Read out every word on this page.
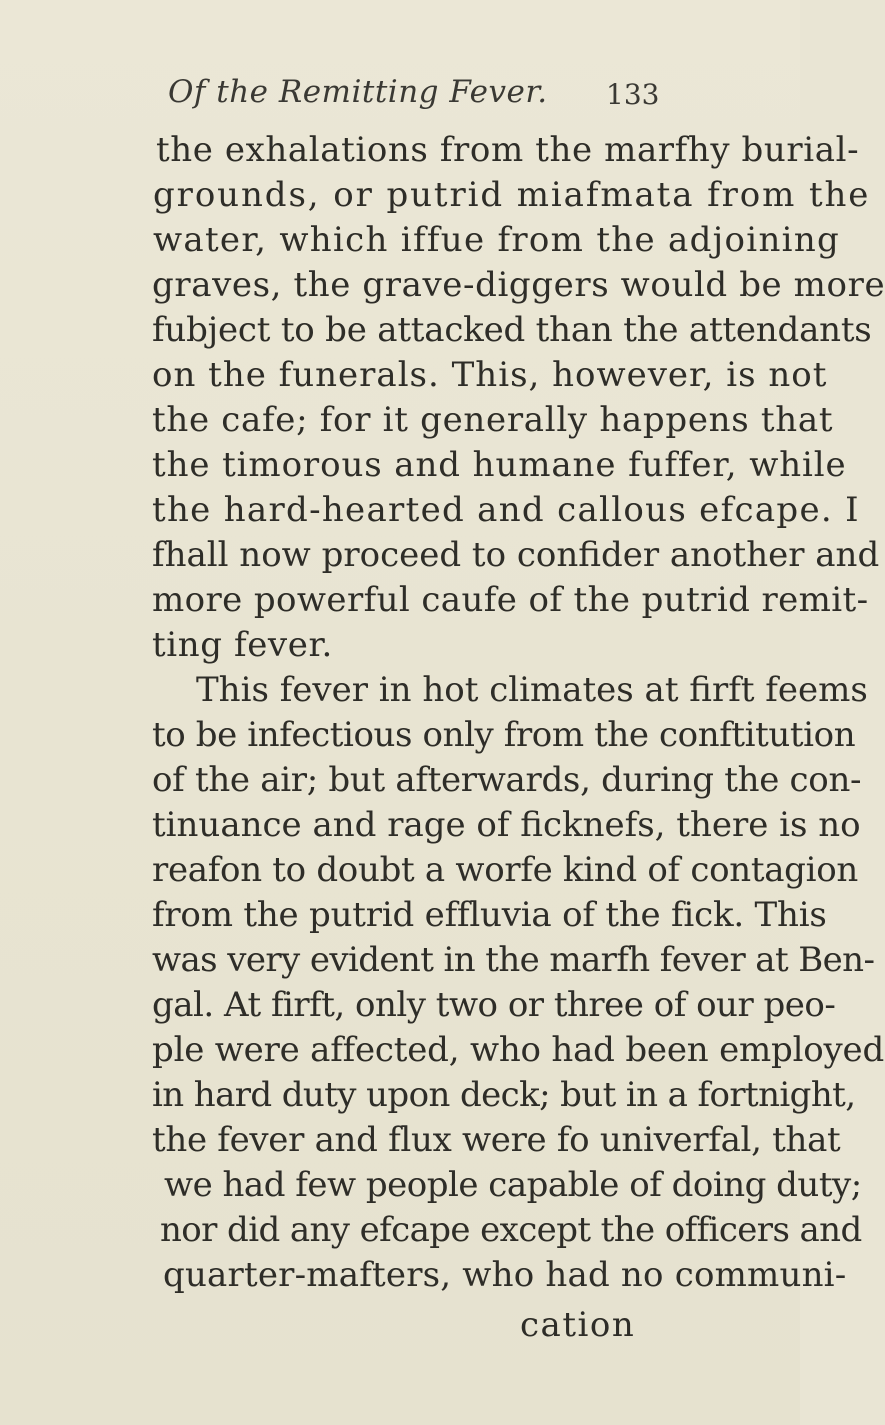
Of the Remitting Fever. 133
the exhalations from the marfhy burial-
grounds, or putrid miafmata from the
water, which iffue from the adjoining
graves, the grave-diggers would be more
fubject to be attacked than the attendants
on the funerals. This, however, is not
the cafe; for it generally happens that
the timorous and humane fuffer, while
the hard-hearted and callous efcape. I
fhall now proceed to confider another and
more powerful caufe of the putrid remit-
ting fever.
This fever in hot climates at firft feems
to be infectious only from the conftitution
of the air; but afterwards, during the con-
tinuance and rage of ficknefs, there is no
reafon to doubt a worfe kind of contagion
from the putrid effluvia of the fick. This
was very evident in the marfh fever at Ben-
gal. At firft, only two or three of our peo-
ple were affected, who had been employed
in hard duty upon deck; but in a fortnight,
the fever and flux were fo univerfal, that
we had few people capable of doing duty;
nor did any efcape except the officers and
quarter-mafters, who had no communi-
cation
